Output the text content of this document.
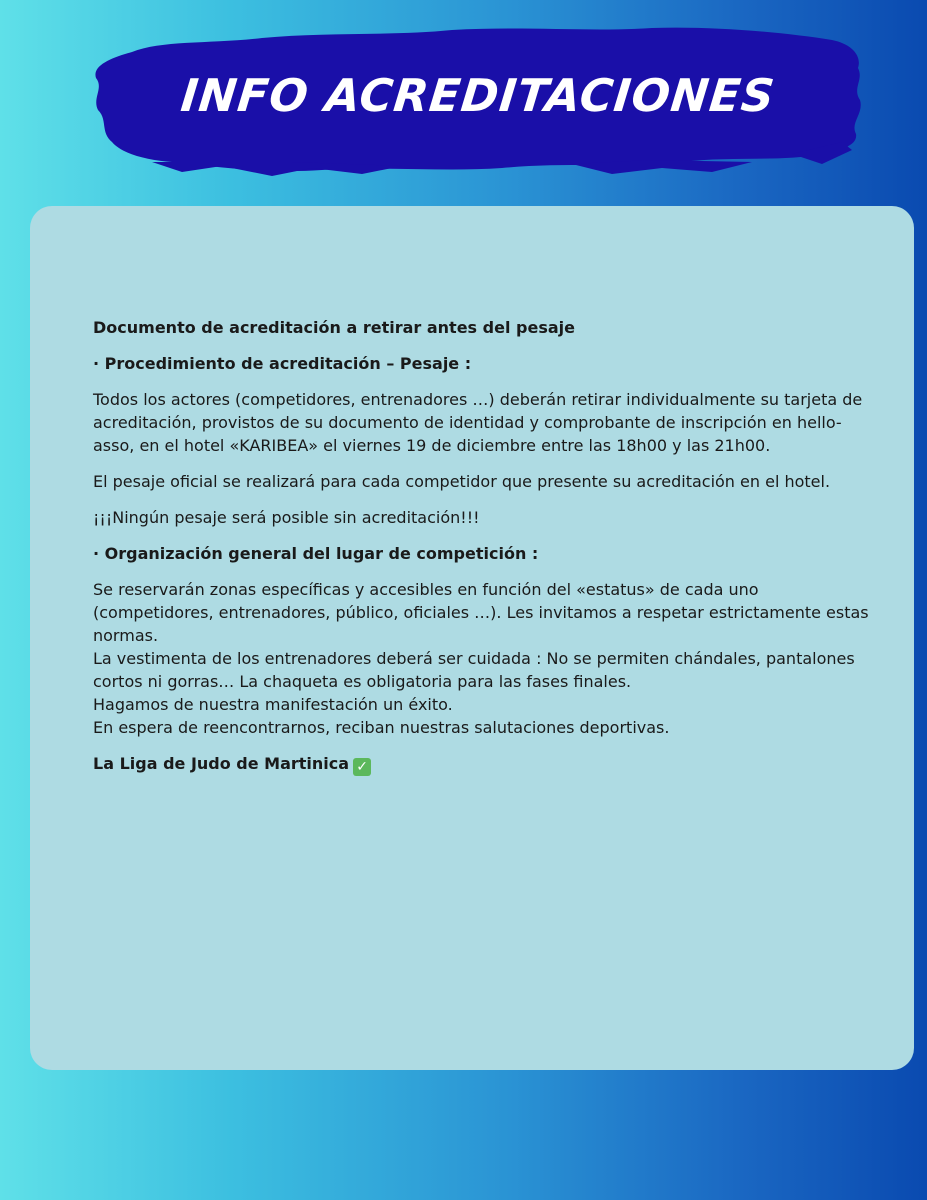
INFO ACREDITACIONES

Documento de acreditación a retirar antes del pesaje

· Procedimiento de acreditación – Pesaje :

Todos los actores (competidores, entrenadores …) deberán retirar individualmente su tarjeta de acreditación, provistos de su documento de identidad y comprobante de inscripción en hello-asso, en el hotel «KARIBEA» el viernes 19 de diciembre entre las 18h00 y las 21h00.

El pesaje oficial se realizará para cada competidor que presente su acreditación en el hotel.

¡¡¡Ningún pesaje será posible sin acreditación!!!

· Organización general del lugar de competición :

Se reservarán zonas específicas y accesibles en función del «estatus» de cada uno (competidores, entrenadores, público, oficiales …). Les invitamos a respetar estrictamente estas normas.
La vestimenta de los entrenadores deberá ser cuidada : No se permiten chándales, pantalones cortos ni gorras… La chaqueta es obligatoria para las fases finales.
Hagamos de nuestra manifestación un éxito.
En espera de reencontrarnos, reciban nuestras salutaciones deportivas.

La Liga de Judo de Martinica ✓
